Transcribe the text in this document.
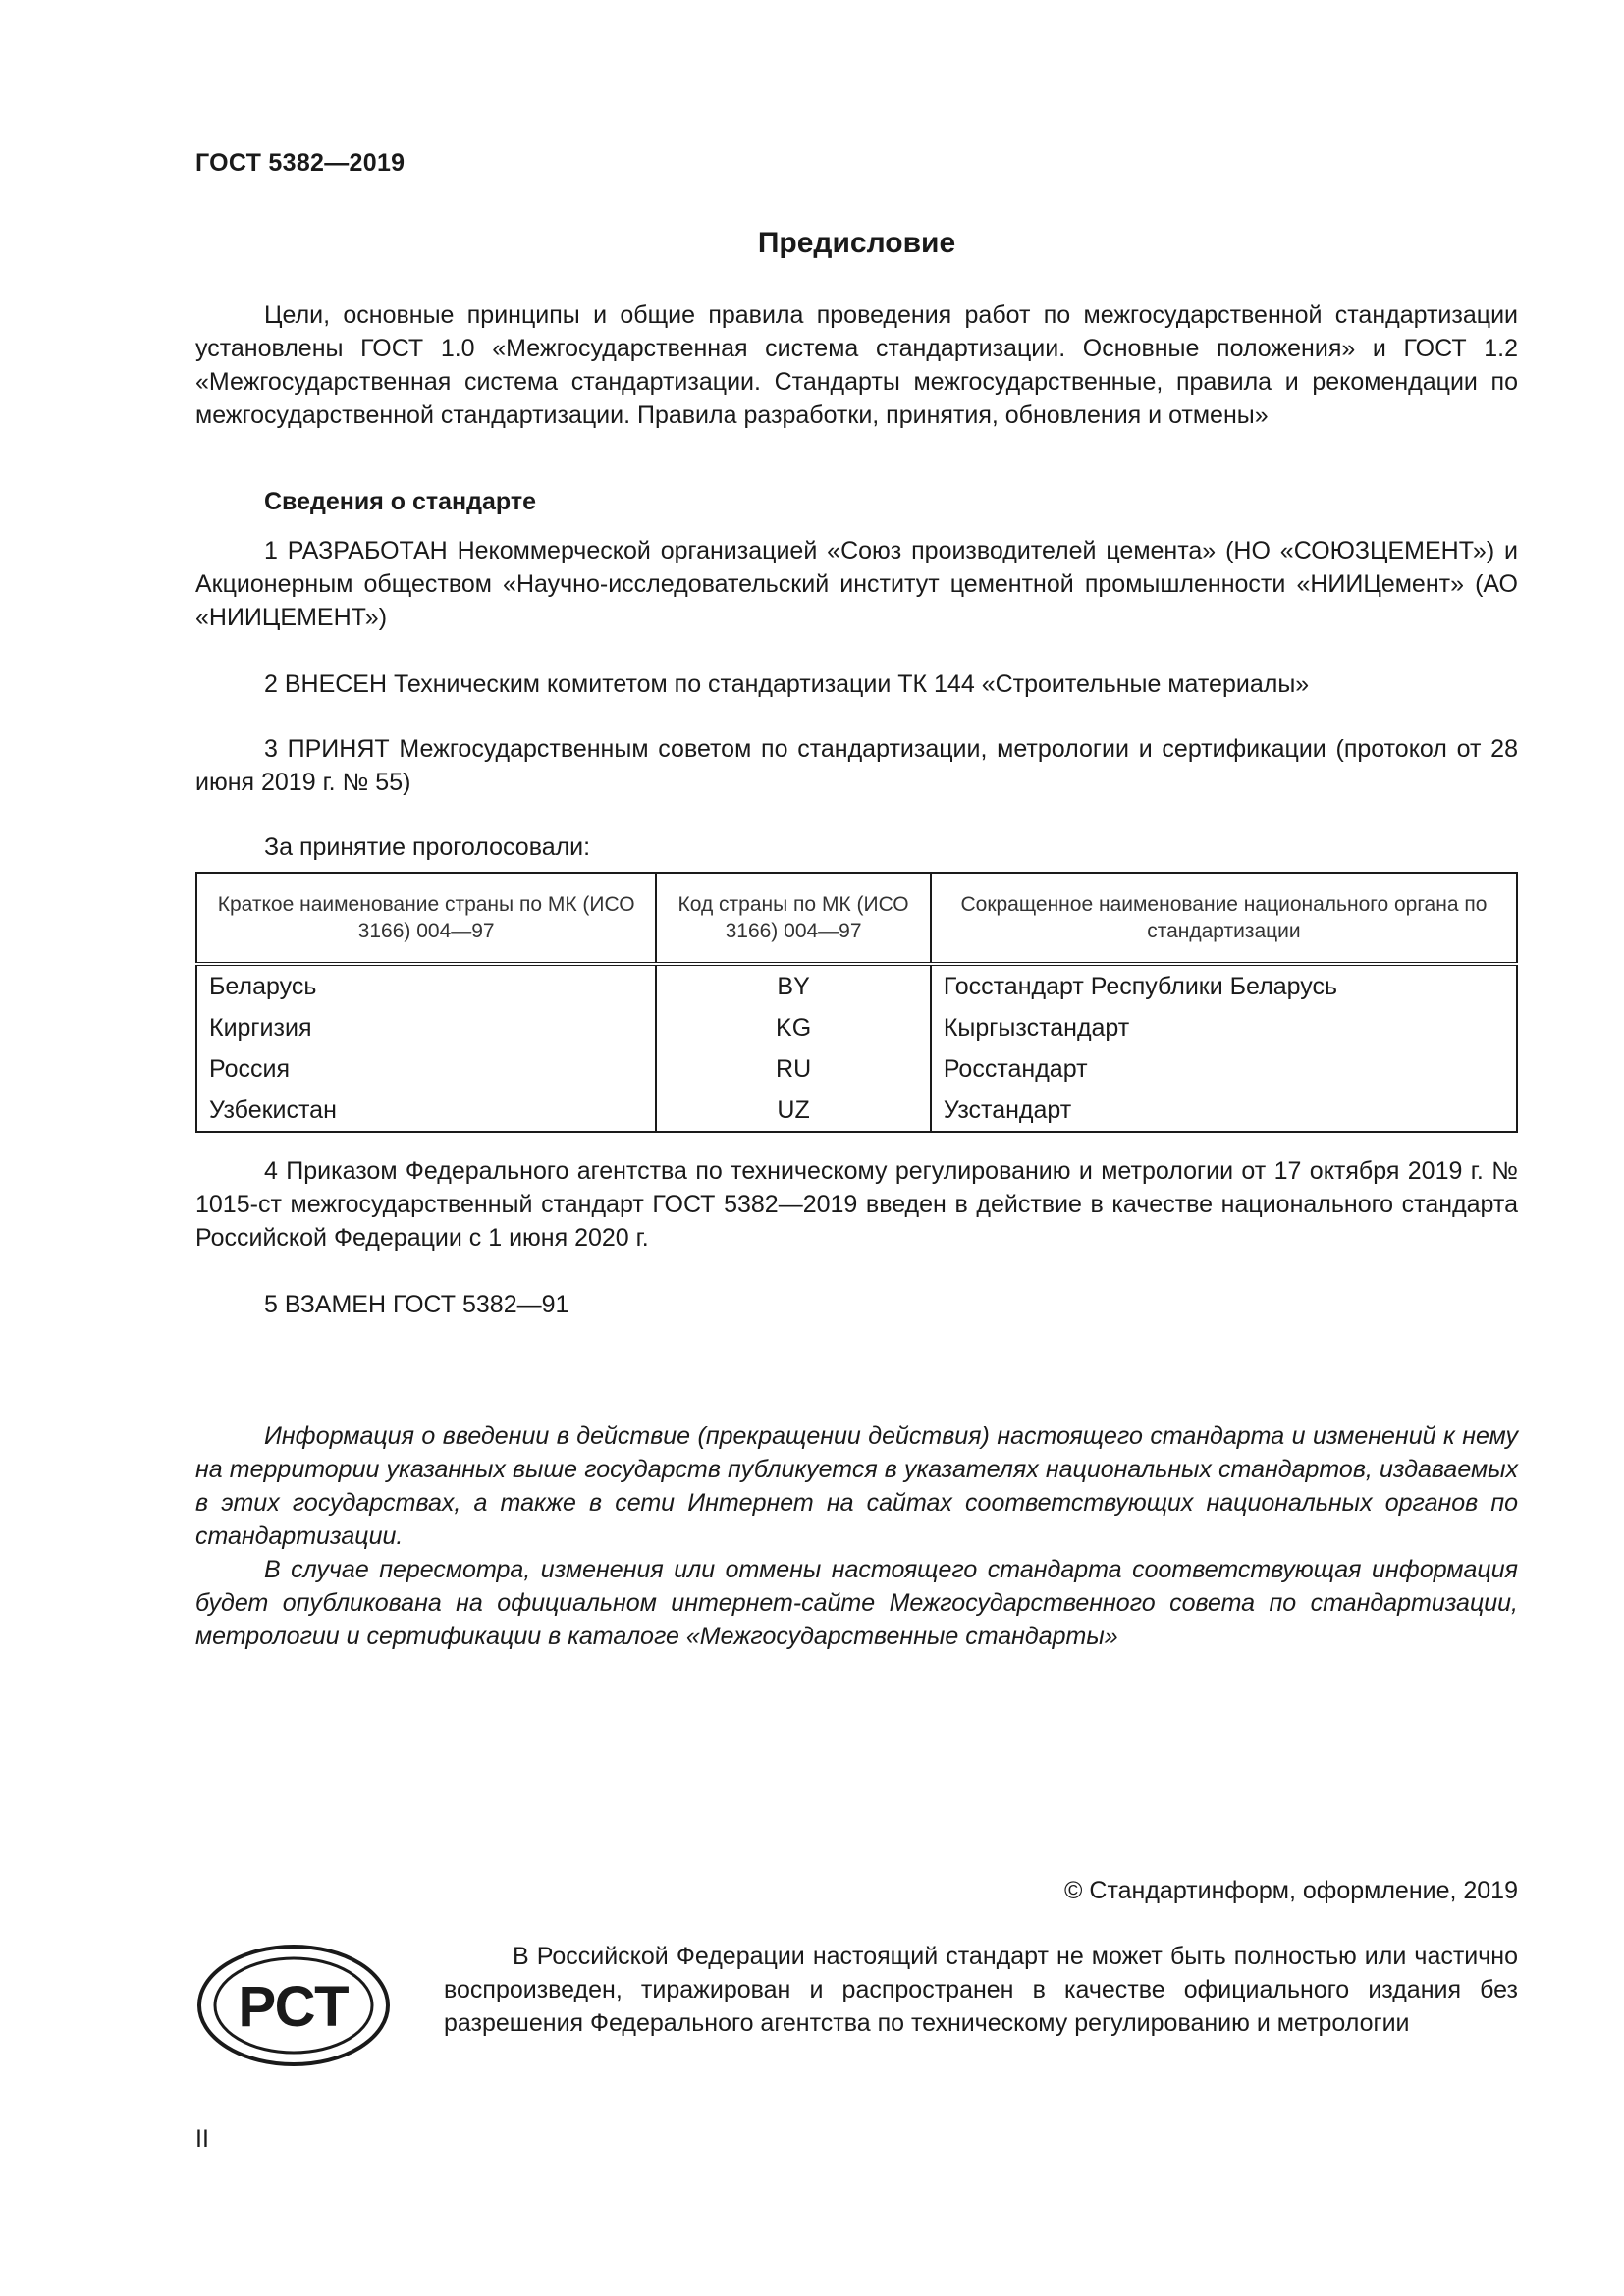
ГОСТ 5382—2019
Предисловие

Цели, основные принципы и общие правила проведения работ по межгосударственной стандартизации установлены ГОСТ 1.0 «Межгосударственная система стандартизации. Основные положения» и ГОСТ 1.2 «Межгосударственная система стандартизации. Стандарты межгосударственные, правила и рекомендации по межгосударственной стандартизации. Правила разработки, принятия, обновления и отмены»

Сведения о стандарте

1 РАЗРАБОТАН Некоммерческой организацией «Союз производителей цемента» (НО «СОЮЗЦЕМЕНТ») и Акционерным обществом «Научно-исследовательский институт цементной промышленности «НИИЦемент» (АО «НИИЦЕМЕНТ»)

2 ВНЕСЕН Техническим комитетом по стандартизации ТК 144 «Строительные материалы»

3 ПРИНЯТ Межгосударственным советом по стандартизации, метрологии и сертификации (протокол от 28 июня 2019 г. № 55)

За принятие проголосовали:
Краткое наименование страны по МК (ИСО 3166) 004—97	Код страны по МК (ИСО 3166) 004—97	Сокращенное наименование национального органа по стандартизации
Беларусь	BY	Госстандарт Республики Беларусь
Киргизия	KG	Кыргызстандарт
Россия	RU	Росстандарт
Узбекистан	UZ	Узстандарт

4 Приказом Федерального агентства по техническому регулированию и метрологии от 17 октября 2019 г. № 1015-ст межгосударственный стандарт ГОСТ 5382—2019 введен в действие в качестве национального стандарта Российской Федерации с 1 июня 2020 г.

5 ВЗАМЕН ГОСТ 5382—91

Информация о введении в действие (прекращении действия) настоящего стандарта и изменений к нему на территории указанных выше государств публикуется в указателях национальных стандартов, издаваемых в этих государствах, а также в сети Интернет на сайтах соответствующих национальных органов по стандартизации.

В случае пересмотра, изменения или отмены настоящего стандарта соответствующая информация будет опубликована на официальном интернет-сайте Межгосударственного совета по стандартизации, метрологии и сертификации в каталоге «Межгосударственные стандарты»

© Стандартинформ, оформление, 2019
РСТ

В Российской Федерации настоящий стандарт не может быть полностью или частично воспроизведен, тиражирован и распространен в качестве официального издания без разрешения Федерального агентства по техническому регулированию и метрологии

II
